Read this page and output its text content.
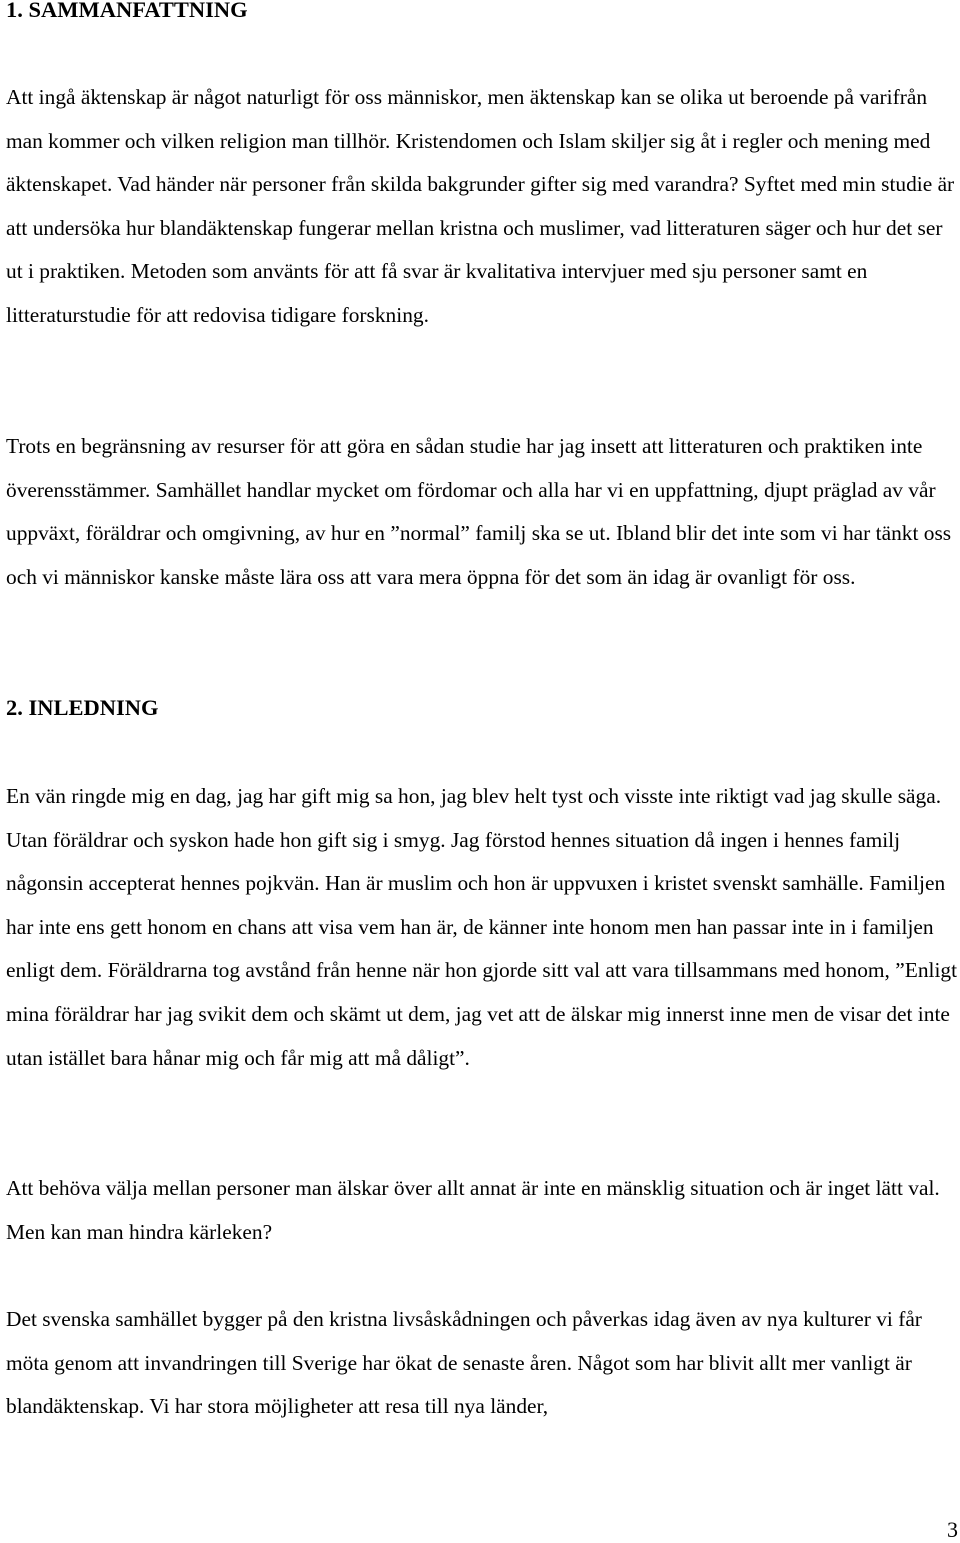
1. SAMMANFATTNING

Att ingå äktenskap är något naturligt för oss människor, men äktenskap kan se olika ut beroende på varifrån man kommer och vilken religion man tillhör. Kristendomen och Islam skiljer sig åt i regler och mening med äktenskapet. Vad händer när personer från skilda bakgrunder gifter sig med varandra? Syftet med min studie är att undersöka hur blandäktenskap fungerar mellan kristna och muslimer, vad litteraturen säger och hur det ser ut i praktiken. Metoden som använts för att få svar är kvalitativa intervjuer med sju personer samt en litteraturstudie för att redovisa tidigare forskning.

Trots en begränsning av resurser för att göra en sådan studie har jag insett att litteraturen och praktiken inte överensstämmer. Samhället handlar mycket om fördomar och alla har vi en uppfattning, djupt präglad av vår uppväxt, föräldrar och omgivning, av hur en ”normal” familj ska se ut. Ibland blir det inte som vi har tänkt oss och vi människor kanske måste lära oss att vara mera öppna för det som än idag är ovanligt för oss.

2. INLEDNING

En vän ringde mig en dag, jag har gift mig sa hon, jag blev helt tyst och visste inte riktigt vad jag skulle säga. Utan föräldrar och syskon hade hon gift sig i smyg. Jag förstod hennes situation då ingen i hennes familj någonsin accepterat hennes pojkvän. Han är muslim och hon är uppvuxen i kristet svenskt samhälle. Familjen har inte ens gett honom en chans att visa vem han är, de känner inte honom men han passar inte in i familjen enligt dem. Föräldrarna tog avstånd från henne när hon gjorde sitt val att vara tillsammans med honom, ”Enligt mina föräldrar har jag svikit dem och skämt ut dem, jag vet att de älskar mig innerst inne men de visar det inte utan istället bara hånar mig och får mig att må dåligt”.

Att behöva välja mellan personer man älskar över allt annat är inte en mänsklig situation och är inget lätt val. Men kan man hindra kärleken?

Det svenska samhället bygger på den kristna livsåskådningen och påverkas idag även av nya kulturer vi får möta genom att invandringen till Sverige har ökat de senaste åren. Något som har blivit allt mer vanligt är blandäktenskap. Vi har stora möjligheter att resa till nya länder,

3
